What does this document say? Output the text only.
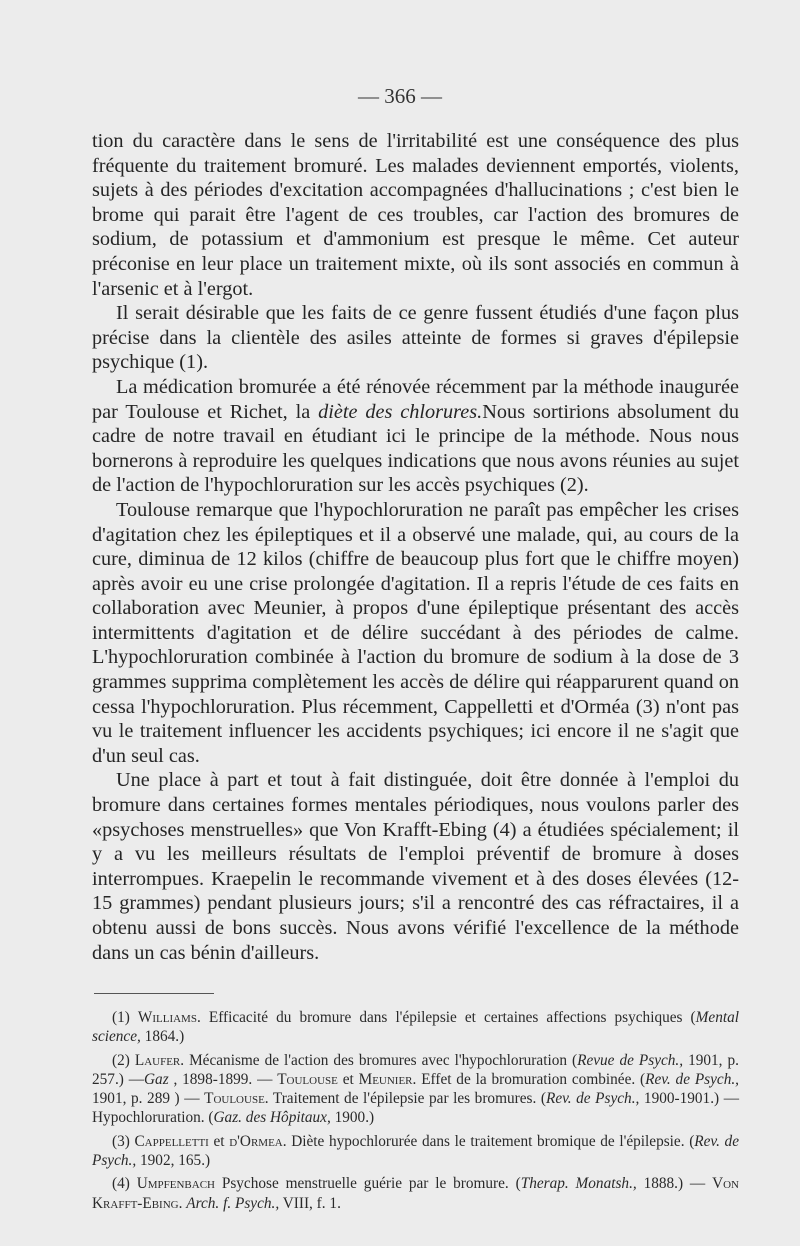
— 366 —

tion du caractère dans le sens de l'irritabilité est une conséquence des plus fréquente du traitement bromuré. Les malades deviennent emportés, violents, sujets à des périodes d'excitation accompagnées d'hallucinations ; c'est bien le brome qui parait être l'agent de ces troubles, car l'action des bromures de sodium, de potassium et d'ammonium est presque le même. Cet auteur préconise en leur place un traitement mixte, où ils sont associés en commun à l'arsenic et à l'ergot.

Il serait désirable que les faits de ce genre fussent étudiés d'une façon plus précise dans la clientèle des asiles atteinte de formes si graves d'épilepsie psychique (1).

La médication bromurée a été rénovée récemment par la méthode inaugurée par Toulouse et Richet, la diète des chlorures.Nous sortirions absolument du cadre de notre travail en étudiant ici le principe de la méthode. Nous nous bornerons à reproduire les quelques indications que nous avons réunies au sujet de l'action de l'hypochloruration sur les accès psychiques (2).

Toulouse remarque que l'hypochloruration ne paraît pas empêcher les crises d'agitation chez les épileptiques et il a observé une malade, qui, au cours de la cure, diminua de 12 kilos (chiffre de beaucoup plus fort que le chiffre moyen) après avoir eu une crise prolongée d'agitation. Il a repris l'étude de ces faits en collaboration avec Meunier, à propos d'une épileptique présentant des accès intermittents d'agitation et de délire succédant à des périodes de calme. L'hypochloruration combinée à l'action du bromure de sodium à la dose de 3 grammes supprima complètement les accès de délire qui réapparurent quand on cessa l'hypochloruration. Plus récemment, Cappelletti et d'Orméa (3) n'ont pas vu le traitement influencer les accidents psychiques; ici encore il ne s'agit que d'un seul cas.

Une place à part et tout à fait distinguée, doit être donnée à l'emploi du bromure dans certaines formes mentales périodiques, nous voulons parler des «psychoses menstruelles» que Von Krafft-Ebing (4) a étudiées spécialement; il y a vu les meilleurs résultats de l'emploi préventif de bromure à doses interrompues. Kraepelin le recommande vivement et à des doses élevées (12-15 grammes) pendant plusieurs jours; s'il a rencontré des cas réfractaires, il a obtenu aussi de bons succès. Nous avons vérifié l'excellence de la méthode dans un cas bénin d'ailleurs.

(1) Williams. Efficacité du bromure dans l'épilepsie et certaines affections psychiques (Mental science, 1864.)

(2) Laufer. Mécanisme de l'action des bromures avec l'hypochloruration (Revue de Psych., 1901, p. 257.) —Gaz , 1898-1899. — Toulouse et Meunier. Effet de la bromuration combinée. (Rev. de Psych., 1901, p. 289 ) — Toulouse. Traitement de l'épilepsie par les bromures. (Rev. de Psych., 1900-1901.) — Hypochloruration. (Gaz. des Hôpitaux, 1900.)

(3) Cappelletti et d'Ormea. Diète hypochlorurée dans le traitement bromique de l'épilepsie. (Rev. de Psych., 1902, 165.)

(4) Umpfenbach Psychose menstruelle guérie par le bromure. (Therap. Monatsh., 1888.) — Von Krafft-Ebing. Arch. f. Psych., VIII, f. 1.
